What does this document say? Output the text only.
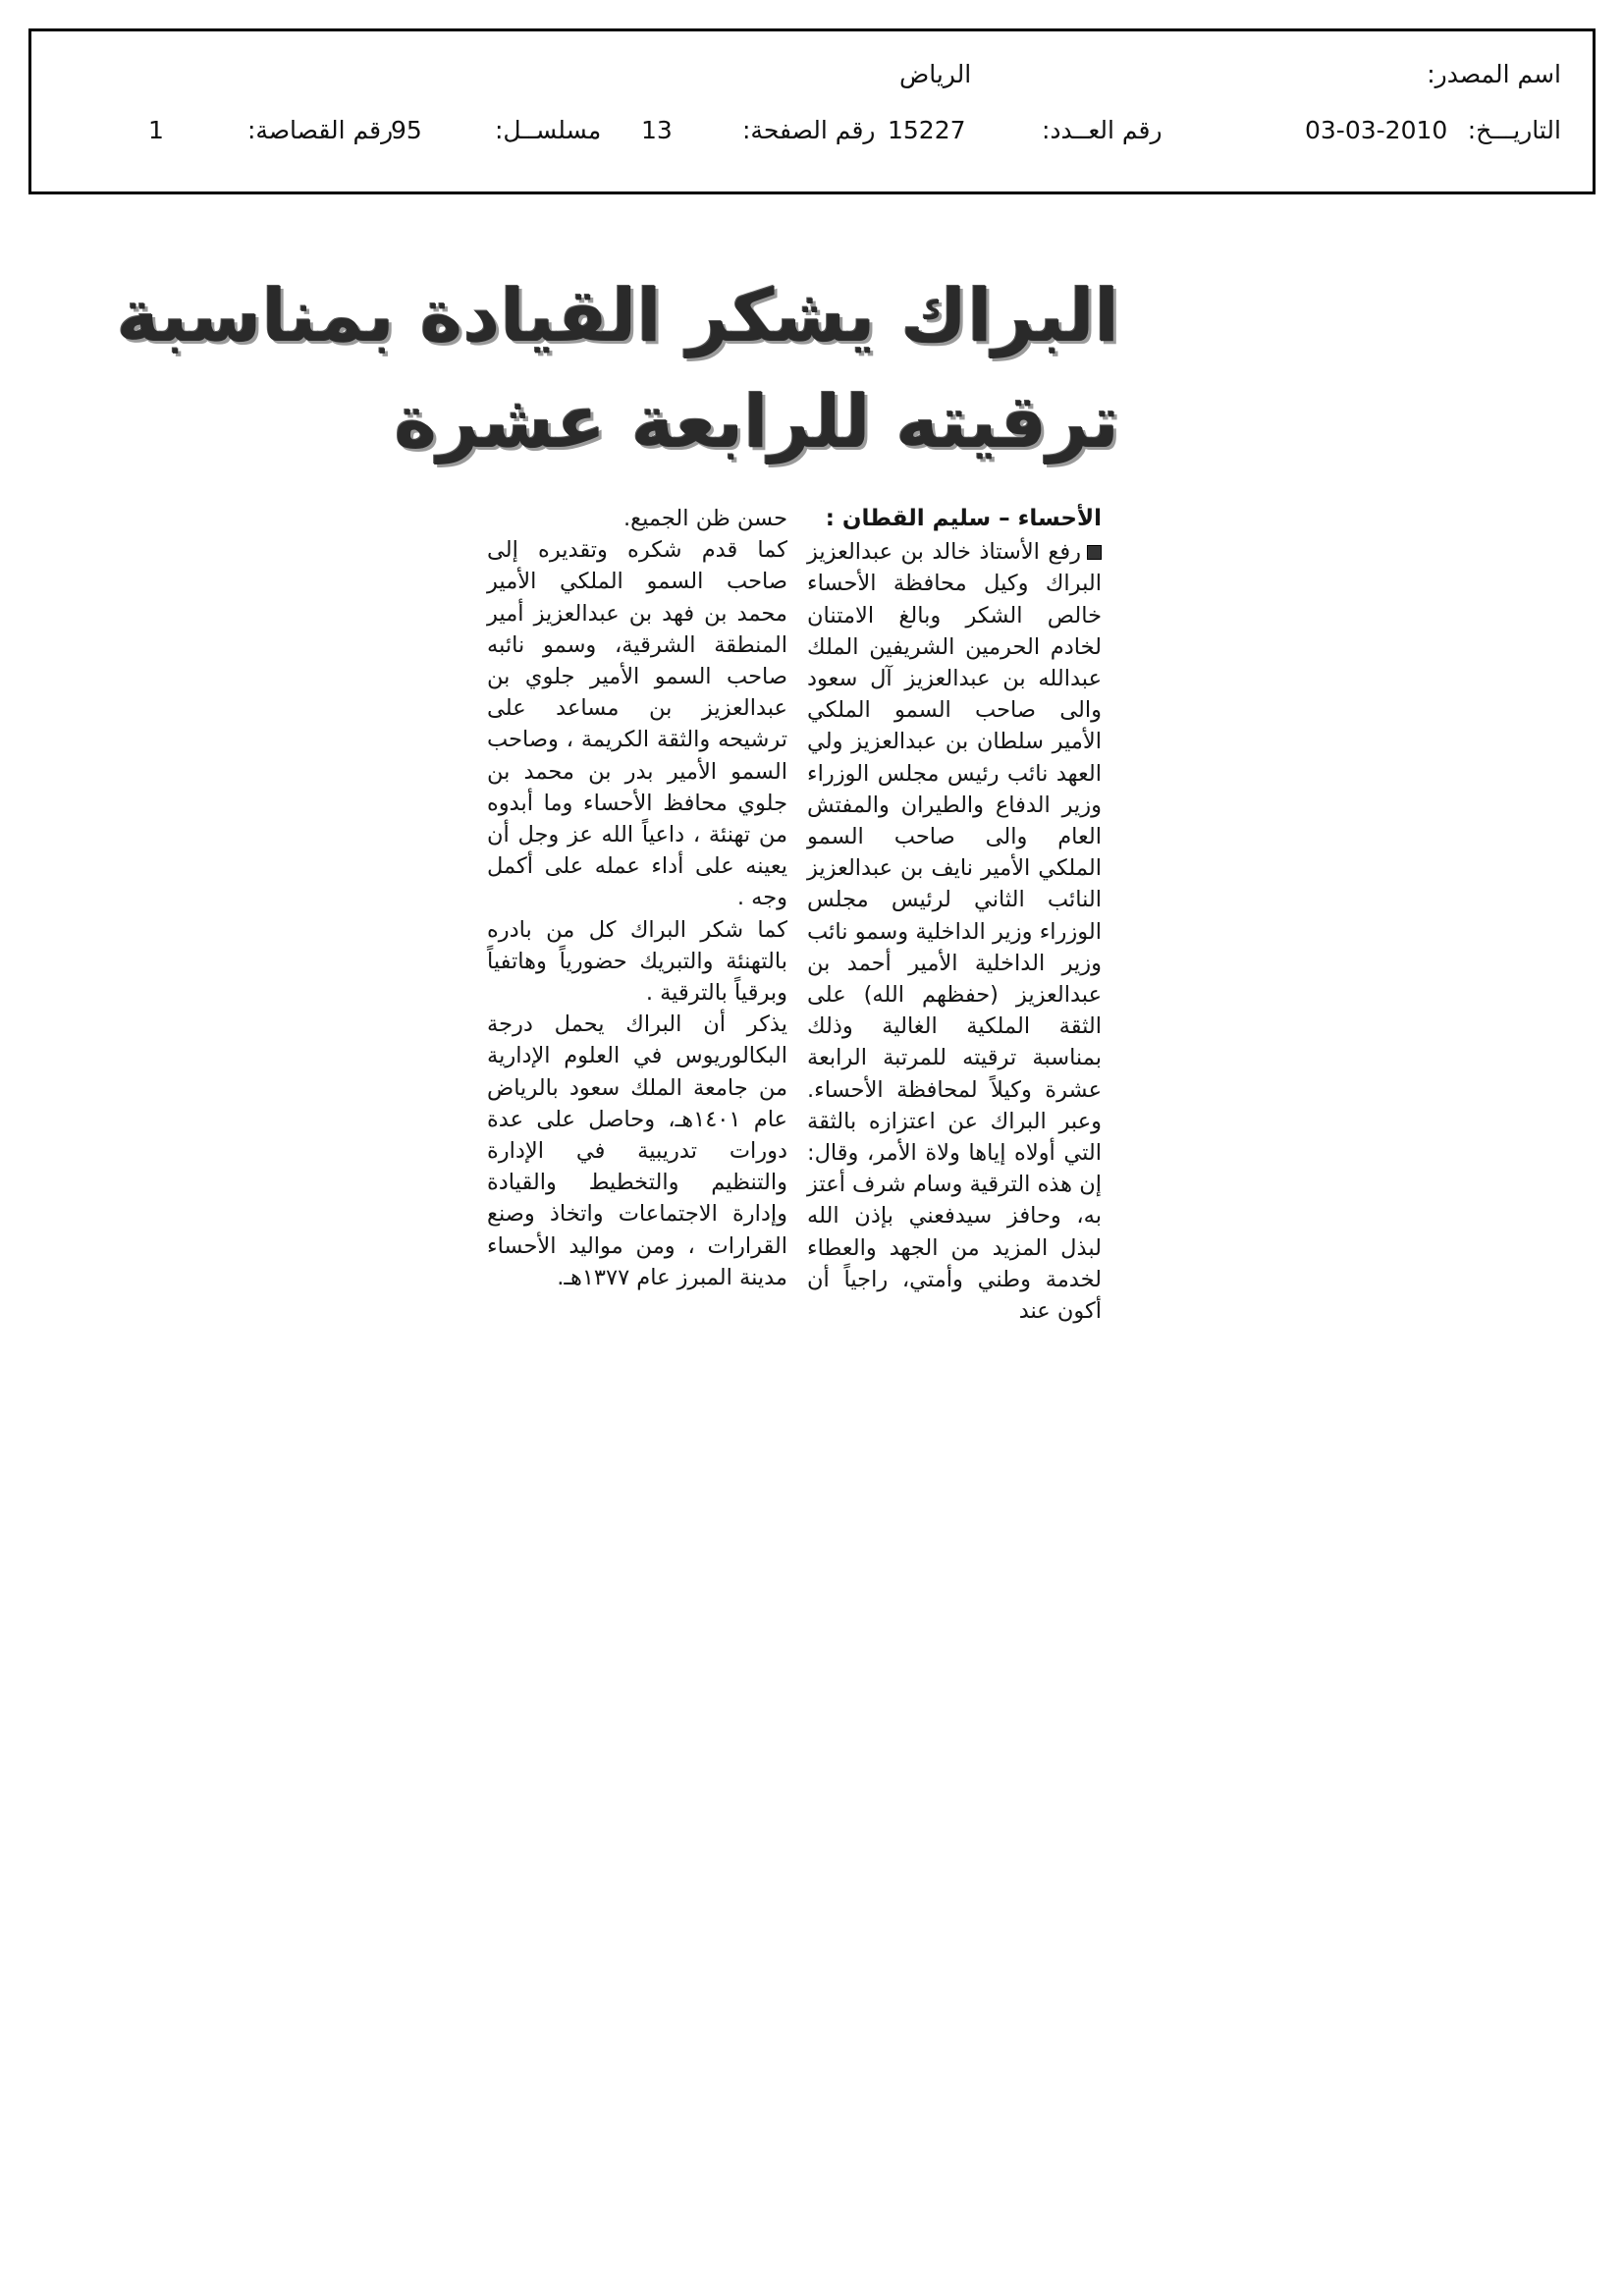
اسم المصدر:
الرياض
التاريـــخ:
03-03-2010
رقم العــدد:
15227
رقم الصفحة:
13
مسلســل:
95
رقم القصاصة:
1
البراك يشكر القيادة بمناسبة
ترقيته للرابعة عشرة
الأحساء – سليم القطان :

رفع الأستاذ خالد بن عبدالعزيز البراك وكيل محافظة الأحساء خالص الشكر وبالغ الامتنان لخادم الحرمين الشريفين الملك عبدالله بن عبدالعزيز آل سعود والى صاحب السمو الملكي الأمير سلطان بن عبدالعزيز ولي العهد نائب رئيس مجلس الوزراء وزير الدفاع والطيران والمفتش العام والى صاحب السمو الملكي الأمير نايف بن عبدالعزيز النائب الثاني لرئيس مجلس الوزراء وزير الداخلية وسمو نائب وزير الداخلية الأمير أحمد بن عبدالعزيز (حفظهم الله) على الثقة الملكية الغالية وذلك بمناسبة ترقيته للمرتبة الرابعة عشرة وكيلاً لمحافظة الأحساء. وعبر البراك عن اعتزازه بالثقة التي أولاه إياها ولاة الأمر، وقال: إن هذه الترقية وسام شرف أعتز به، وحافز سيدفعني بإذن الله لبذل المزيد من الجهد والعطاء لخدمة وطني وأمتي، راجياً أن أكون عند

حسن ظن الجميع.

كما قدم شكره وتقديره إلى صاحب السمو الملكي الأمير محمد بن فهد بن عبدالعزيز أمير المنطقة الشرقية، وسمو نائبه صاحب السمو الأمير جلوي بن عبدالعزيز بن مساعد على ترشيحه والثقة الكريمة ، وصاحب السمو الأمير بدر بن محمد بن جلوي محافظ الأحساء وما أبدوه من تهنئة ، داعياً الله عز وجل أن يعينه على أداء عمله على أكمل وجه .

كما شكر البراك كل من بادره بالتهنئة والتبريك حضورياً وهاتفياً وبرقياً بالترقية .

يذكر أن البراك يحمل درجة البكالوريوس في العلوم الإدارية من جامعة الملك سعود بالرياض عام ١٤٠١هـ، وحاصل على عدة دورات تدريبية في الإدارة والتنظيم والتخطيط والقيادة وإدارة الاجتماعات واتخاذ وصنع القرارات ، ومن مواليد الأحساء مدينة المبرز عام ١٣٧٧هـ.
